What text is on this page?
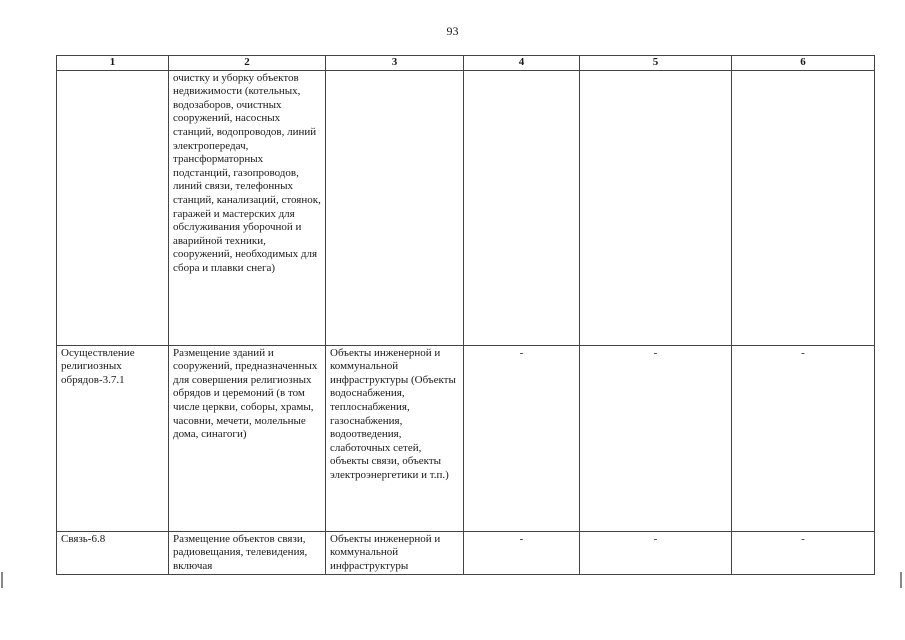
93
1	2	3	4	5	6
	очистку и уборку объектов недвижимости (котельных, водозаборов, очистных сооружений, насосных станций, водопроводов, линий электропередач, трансформаторных подстанций, газопроводов, линий связи, телефонных станций, канализаций, стоянок, гаражей и мастерских для обслуживания уборочной и аварийной техники, сооружений, необходимых для сбора и плавки снега)				
Осуществление религиозных обрядов-3.7.1	Размещение зданий и сооружений, предназначенных для совершения религиозных обрядов и церемоний (в том числе церкви, соборы, храмы, часовни, мечети, молельные дома, синагоги)	Объекты инженерной и коммунальной инфраструктуры (Объекты водоснабжения, теплоснабжения, газоснабжения, водоотведения, слаботочных сетей, объекты связи, объекты электроэнергетики и т.п.)	-	-	-
Связь-6.8	Размещение объектов связи, радиовещания, телевидения, включая	Объекты инженерной и коммунальной инфраструктуры	-	-	-
